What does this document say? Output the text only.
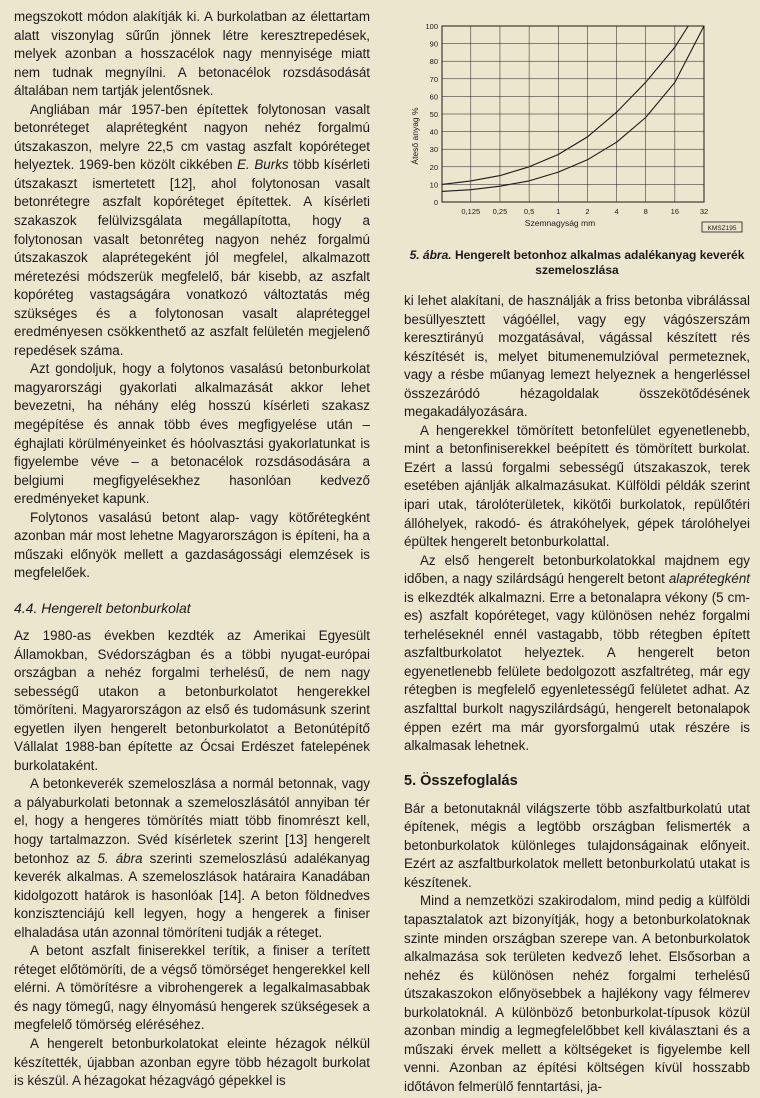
megszokott módon alakítják ki. A burkolatban az élettartam alatt viszonylag sűrűn jönnek létre keresztrepedések, melyek azonban a hosszacélok nagy mennyisége miatt nem tudnak megnyílni. A betonacélok rozsdásodását általában nem tartják jelentősnek.

Angliában már 1957-ben építettek folytonosan vasalt betonréteget alaprétegként nagyon nehéz forgalmú útszakaszon, melyre 22,5 cm vastag aszfalt kopóréteget helyeztek. 1969-ben közölt cikkében E. Burks több kísérleti útszakaszt ismertetett [12], ahol folytonosan vasalt betonrétegre aszfalt kopóréteget építettek. A kísérleti szakaszok felülvizsgálata megállapította, hogy a folytonosan vasalt betonréteg nagyon nehéz forgalmú útszakaszok alaprétegeként jól megfelel, alkalmazott méretezési módszerük megfelelő, bár kisebb, az aszfalt kopóréteg vastagságára vonatkozó változtatás még szükséges és a folytonosan vasalt alapréteggel eredményesen csökkenthető az aszfalt felületén megjelenő repedések száma.

Azt gondoljuk, hogy a folytonos vasalású betonburkolat magyarországi gyakorlati alkalmazását akkor lehet bevezetni, ha néhány elég hosszú kísérleti szakasz megépítése és annak több éves megfigyelése után – éghajlati körülményeinket és hóolvasztási gyakorlatunkat is figyelembe véve – a betonacélok rozsdásodására a belgiumi megfigyelésekhez hasonlóan kedvező eredményeket kapunk.

Folytonos vasalású betont alap- vagy kötőrétegként azonban már most lehetne Magyarországon is építeni, ha a műszaki előnyök mellett a gazdaságossági elemzések is megfelelőek.

4.4. Hengerelt betonburkolat

Az 1980-as években kezdték az Amerikai Egyesült Államokban, Svédországban és a többi nyugat-európai országban a nehéz forgalmi terhelésű, de nem nagy sebességű utakon a betonburkolatot hengerekkel tömöríteni. Magyarországon az első és tudomásunk szerint egyetlen ilyen hengerelt betonburkolatot a Betonútépítő Vállalat 1988-ban építette az Ócsai Erdészet fatelepének burkolataként.

A betonkeverék szemeloszlása a normál betonnak, vagy a pályaburkolati betonnak a szemeloszlásától annyiban tér el, hogy a hengeres tömörítés miatt több finomrészt kell, hogy tartalmazzon. Svéd kísérletek szerint [13] hengerelt betonhoz az 5. ábra szerinti szemeloszlású adalékanyag keverék alkalmas. A szemeloszlások határaira Kanadában kidolgozott határok is hasonlóak [14]. A beton földnedves konzisztenciájú kell legyen, hogy a hengerek a finiser elhaladása után azonnal tömöríteni tudják a réteget.

A betont aszfalt finiserekkel terítik, a finiser a terített réteget előtömöríti, de a végső tömörséget hengerekkel kell elérni. A tömörítésre a vibrohengerek a legalkalmasabbak és nagy tömegű, nagy élnyomású hengerek szükségesek a megfelelő tömörség eléréséhez.

A hengerelt betonburkolatokat eleinte hézagok nélkül készítették, újabban azonban egyre több hézagolt burkolat is készül. A hézagokat hézagvágó gépekkel is

0
10
20
30
40
50
60
70
80
90
100
0,125 0,25 0,5	1	2	4	8	16	32
Áteső anyag %
Szemnagyság mm
KMSZ195
5. ábra. Hengerelt betonhoz alkalmas adalékanyag keverék szemeloszlása

ki lehet alakítani, de használják a friss betonba vibrálással besüllyesztett vágóéllel, vagy egy vágószerszám keresztirányú mozgatásával, vágással készített rés készítését is, melyet bitumenemulzióval permeteznek, vagy a résbe műanyag lemezt helyeznek a hengerléssel összezáródó hézagoldalak összekötődésének megakadályozására.

A hengerekkel tömörített betonfelület egyenetlenebb, mint a betonfiniserekkel beépített és tömörített burkolat. Ezért a lassú forgalmi sebességű útszakaszok, terek esetében ajánlják alkalmazásukat. Külföldi példák szerint ipari utak, tárolóterületek, kikötői burkolatok, repülőtéri állóhelyek, rakodó- és átrakóhelyek, gépek tárolóhelyei épültek hengerelt betonburkolattal.

Az első hengerelt betonburkolatokkal majdnem egy időben, a nagy szilárdságú hengerelt betont alaprétegként is elkezdték alkalmazni. Erre a betonalapra vékony (5 cm-es) aszfalt kopóréteget, vagy különösen nehéz forgalmi terheléseknél ennél vastagabb, több rétegben épített aszfaltburkolatot helyeztek. A hengerelt beton egyenetlenebb felülete bedolgozott aszfaltréteg, már egy rétegben is megfelelő egyenletességű felületet adhat. Az aszfalttal burkolt nagyszilárdságú, hengerelt betonalapok éppen ezért ma már gyorsforgalmú utak részére is alkalmasak lehetnek.

5. Összefoglalás

Bár a betonutaknál világszerte több aszfaltburkolatú utat építenek, mégis a legtöbb országban felismerték a betonburkolatok különleges tulajdonságainak előnyeit. Ezért az aszfaltburkolatok mellett betonburkolatú utakat is készítenek.

Mind a nemzetközi szakirodalom, mind pedig a külföldi tapasztalatok azt bizonyítják, hogy a betonburkolatoknak szinte minden országban szerepe van. A betonburkolatok alkalmazása sok területen kedvező lehet. Elsősorban a nehéz és különösen nehéz forgalmi terhelésű útszakaszokon előnyösebbek a hajlékony vagy félmerev burkolatoknál. A különböző betonburkolat-típusok közül azonban mindig a legmegfelelőbbet kell kiválasztani és a műszaki érvek mellett a költségeket is figyelembe kell venni. Azonban az építési költségen kívül hosszabb időtávon felmerülő fenntartási, ja-
